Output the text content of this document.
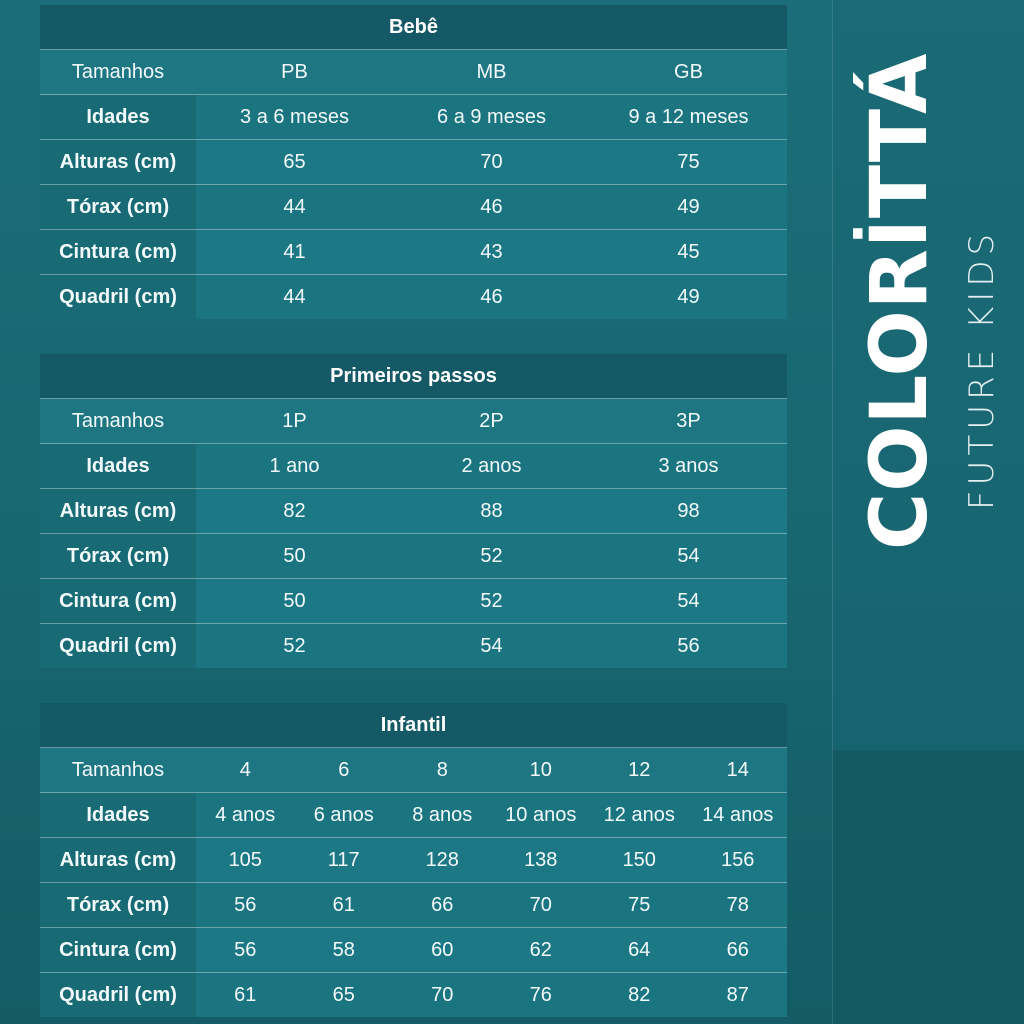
COLORİTTÁ FUTURE KIDS
Bebê
Tamanhos	PB	MB	GB
Idades	3 a 6 meses	6 a 9 meses	9 a 12 meses
Alturas (cm)	65	70	75
Tórax (cm)	44	46	49
Cintura (cm)	41	43	45
Quadril (cm)	44	46	49
Primeiros passos
Tamanhos	1P	2P	3P
Idades	1 ano	2 anos	3 anos
Alturas (cm)	82	88	98
Tórax (cm)	50	52	54
Cintura (cm)	50	52	54
Quadril (cm)	52	54	56
Infantil
Tamanhos	4	6	8	10	12	14
Idades	4 anos	6 anos	8 anos	10 anos	12 anos	14 anos
Alturas (cm)	105	117	128	138	150	156
Tórax (cm)	56	61	66	70	75	78
Cintura (cm)	56	58	60	62	64	66
Quadril (cm)	61	65	70	76	82	87
